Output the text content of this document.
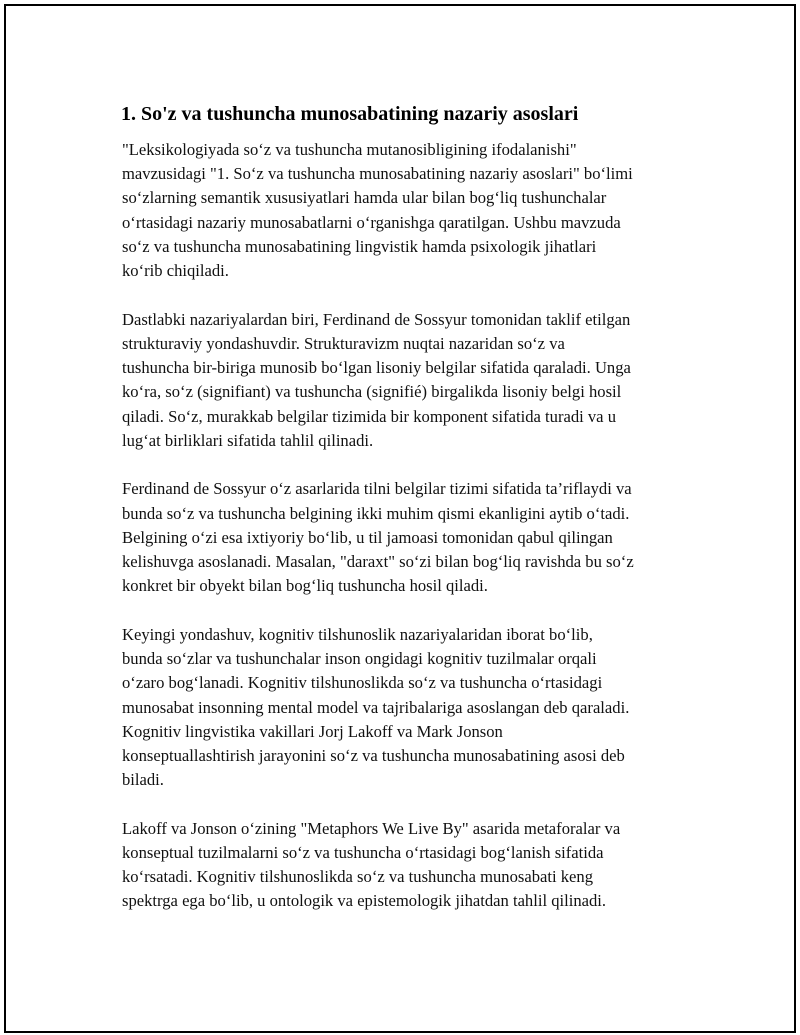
1. So'z va tushuncha munosabatining nazariy asoslari

"Leksikologiyada so‘z va tushuncha mutanosibligining ifodalanishi"
mavzusidagi "1. So‘z va tushuncha munosabatining nazariy asoslari" bo‘limi
so‘zlarning semantik xususiyatlari hamda ular bilan bog‘liq tushunchalar
o‘rtasidagi nazariy munosabatlarni o‘rganishga qaratilgan. Ushbu mavzuda
so‘z va tushuncha munosabatining lingvistik hamda psixologik jihatlari
ko‘rib chiqiladi.

Dastlabki nazariyalardan biri, Ferdinand de Sossyur tomonidan taklif etilgan
strukturaviy yondashuvdir. Strukturavizm nuqtai nazaridan so‘z va
tushuncha bir-biriga munosib bo‘lgan lisoniy belgilar sifatida qaraladi. Unga
ko‘ra, so‘z (signifiant) va tushuncha (signifié) birgalikda lisoniy belgi hosil
qiladi. So‘z, murakkab belgilar tizimida bir komponent sifatida turadi va u
lug‘at birliklari sifatida tahlil qilinadi.

Ferdinand de Sossyur o‘z asarlarida tilni belgilar tizimi sifatida ta’riflaydi va
bunda so‘z va tushuncha belgining ikki muhim qismi ekanligini aytib o‘tadi.
Belgining o‘zi esa ixtiyoriy bo‘lib, u til jamoasi tomonidan qabul qilingan
kelishuvga asoslanadi. Masalan, "daraxt" so‘zi bilan bog‘liq ravishda bu so‘z
konkret bir obyekt bilan bog‘liq tushuncha hosil qiladi.

Keyingi yondashuv, kognitiv tilshunoslik nazariyalaridan iborat bo‘lib,
bunda so‘zlar va tushunchalar inson ongidagi kognitiv tuzilmalar orqali
o‘zaro bog‘lanadi. Kognitiv tilshunoslikda so‘z va tushuncha o‘rtasidagi
munosabat insonning mental model va tajribalariga asoslangan deb qaraladi.
Kognitiv lingvistika vakillari Jorj Lakoff va Mark Jonson
konseptuallashtirish jarayonini so‘z va tushuncha munosabatining asosi deb
biladi.

Lakoff va Jonson o‘zining "Metaphors We Live By" asarida metaforalar va
konseptual tuzilmalarni so‘z va tushuncha o‘rtasidagi bog‘lanish sifatida
ko‘rsatadi. Kognitiv tilshunoslikda so‘z va tushuncha munosabati keng
spektrga ega bo‘lib, u ontologik va epistemologik jihatdan tahlil qilinadi.
